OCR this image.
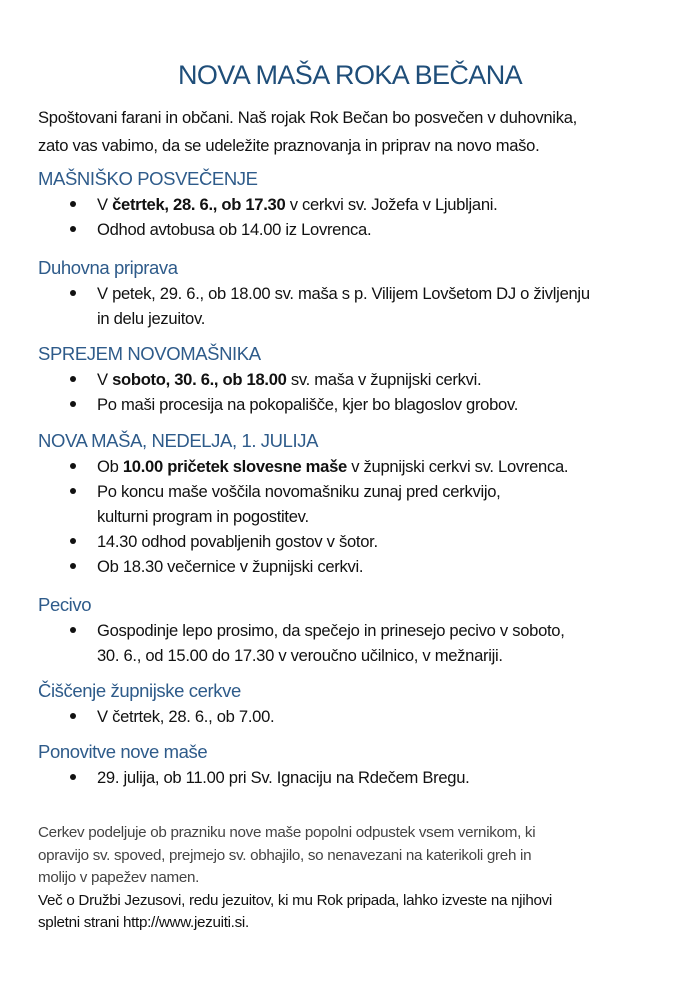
NOVA MAŠA ROKA BEČANA
Spoštovani farani in občani. Naš rojak Rok Bečan bo posvečen v duhovnika,
zato vas vabimo, da se udeležite praznovanja in priprav na novo mašo.
MAŠNIŠKO POSVEČENJE
V četrtek, 28. 6., ob 17.30 v cerkvi sv. Jožefa v Ljubljani.
Odhod avtobusa ob 14.00 iz Lovrenca.
Duhovna priprava
V petek, 29. 6., ob 18.00 sv. maša s p. Vilijem Lovšetom DJ o življenju
in delu jezuitov.
SPREJEM NOVOMAŠNIKA
V soboto, 30. 6., ob 18.00 sv. maša v župnijski cerkvi.
Po maši procesija na pokopališče, kjer bo blagoslov grobov.
NOVA MAŠA, NEDELJA, 1. JULIJA
Ob 10.00 pričetek slovesne maše v župnijski cerkvi sv. Lovrenca.
Po koncu maše voščila novomašniku zunaj pred cerkvijo,
kulturni program in pogostitev.
14.30 odhod povabljenih gostov v šotor.
Ob 18.30 večernice v župnijski cerkvi.
Pecivo
Gospodinje lepo prosimo, da spečejo in prinesejo pecivo v soboto,
30. 6., od 15.00 do 17.30 v veroučno učilnico, v mežnariji.
Čiščenje župnijske cerkve
V četrtek, 28. 6., ob 7.00.
Ponovitve nove maše
29. julija, ob 11.00 pri Sv. Ignaciju na Rdečem Bregu.
Cerkev podeljuje ob prazniku nove maše popolni odpustek vsem vernikom, ki
opravijo sv. spoved, prejmejo sv. obhajilo, so nenavezani na katerikoli greh in
molijo v papežev namen.
Več o Družbi Jezusovi, redu jezuitov, ki mu Rok pripada, lahko izveste na njihovi
spletni strani http://www.jezuiti.si.
